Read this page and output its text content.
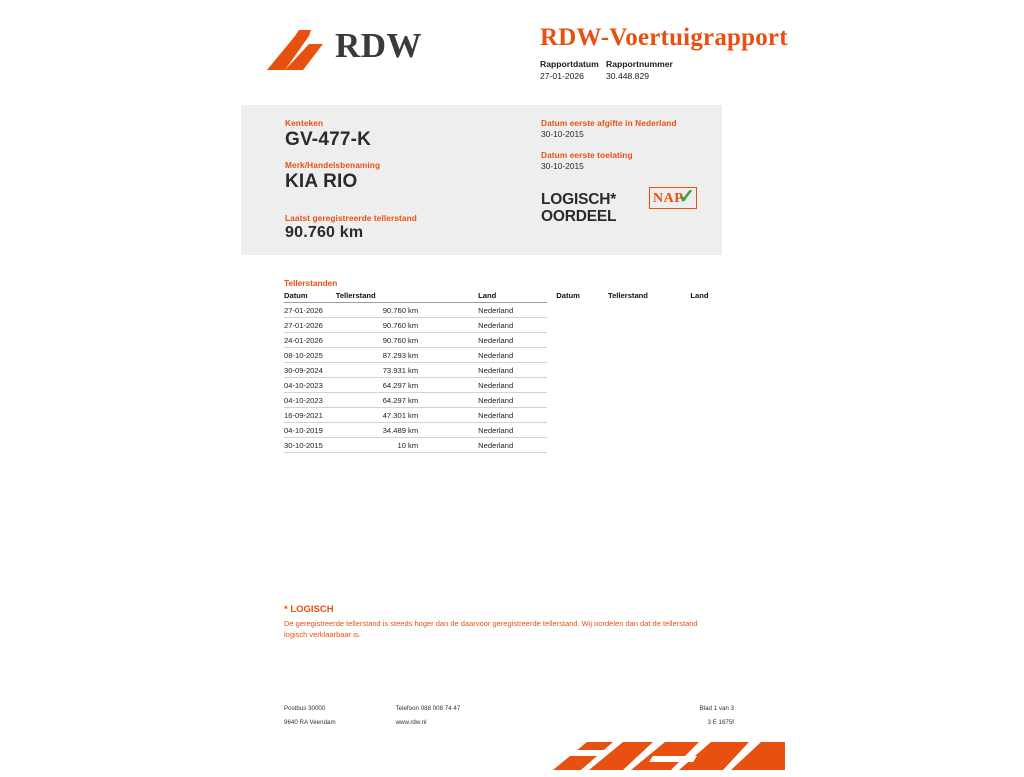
RDW	RDW-Voertuigrapport
Rapportdatum
27-01-2026
Rapportnummer
30.448.829
Kenteken
GV-477-K
Merk/Handelsbenaming
KIA RIO
Laatst geregistreerde tellerstand
90.760 km
Datum eerste afgifte in Nederland
30-10-2015
Datum eerste toelating
30-10-2015
LOGISCH*
OORDEEL
NAP
✓
Tellerstanden
Datum	Tellerstand	Land		Datum	Tellerstand	Land
27-01-2026	90.760 km	Nederland				
27-01-2026	90.760 km	Nederland				
24-01-2026	90.760 km	Nederland				
08-10-2025	87.293 km	Nederland				
30-09-2024	73.931 km	Nederland				
04-10-2023	64.297 km	Nederland				
04-10-2023	64.297 km	Nederland				
16-09-2021	47.301 km	Nederland				
04-10-2019	34.489 km	Nederland				
30-10-2015	10 km	Nederland				
* LOGISCH
De geregistreerde tellerstand is steeds hoger dan de daarvoor geregistreerde tellerstand. Wij oordelen dan dat de tellerstand logisch verklaarbaar is.
Postbus 30000	Telefoon 088 008 74 47	Blad 1 van 3
9640 RA Veendam	www.rdw.nl	3 E 1675f
